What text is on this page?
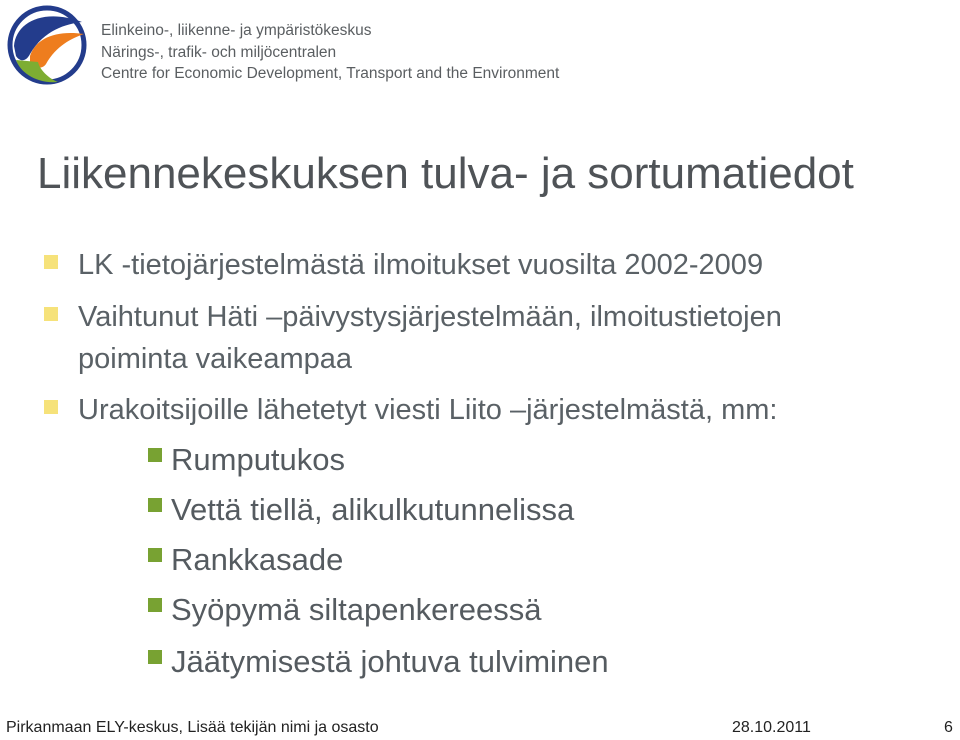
Elinkeino-, liikenne- ja ympäristökeskus
Närings-, trafik- och miljöcentralen
Centre for Economic Development, Transport and the Environment
Liikennekeskuksen tulva- ja sortumatiedot
LK -tietojärjestelmästä ilmoitukset vuosilta 2002-2009
Vaihtunut Häti –päivystysjärjestelmään, ilmoitustietojen
poiminta vaikeampaa
Urakoitsijoille lähetetyt viesti Liito –järjestelmästä, mm:
Rumputukos
Vettä tiellä, alikulkutunnelissa
Rankkasade
Syöpymä siltapenkereessä
Jäätymisestä johtuva tulviminen
Pirkanmaan ELY-keskus, Lisää tekijän nimi ja osasto	28.10.2011	6
